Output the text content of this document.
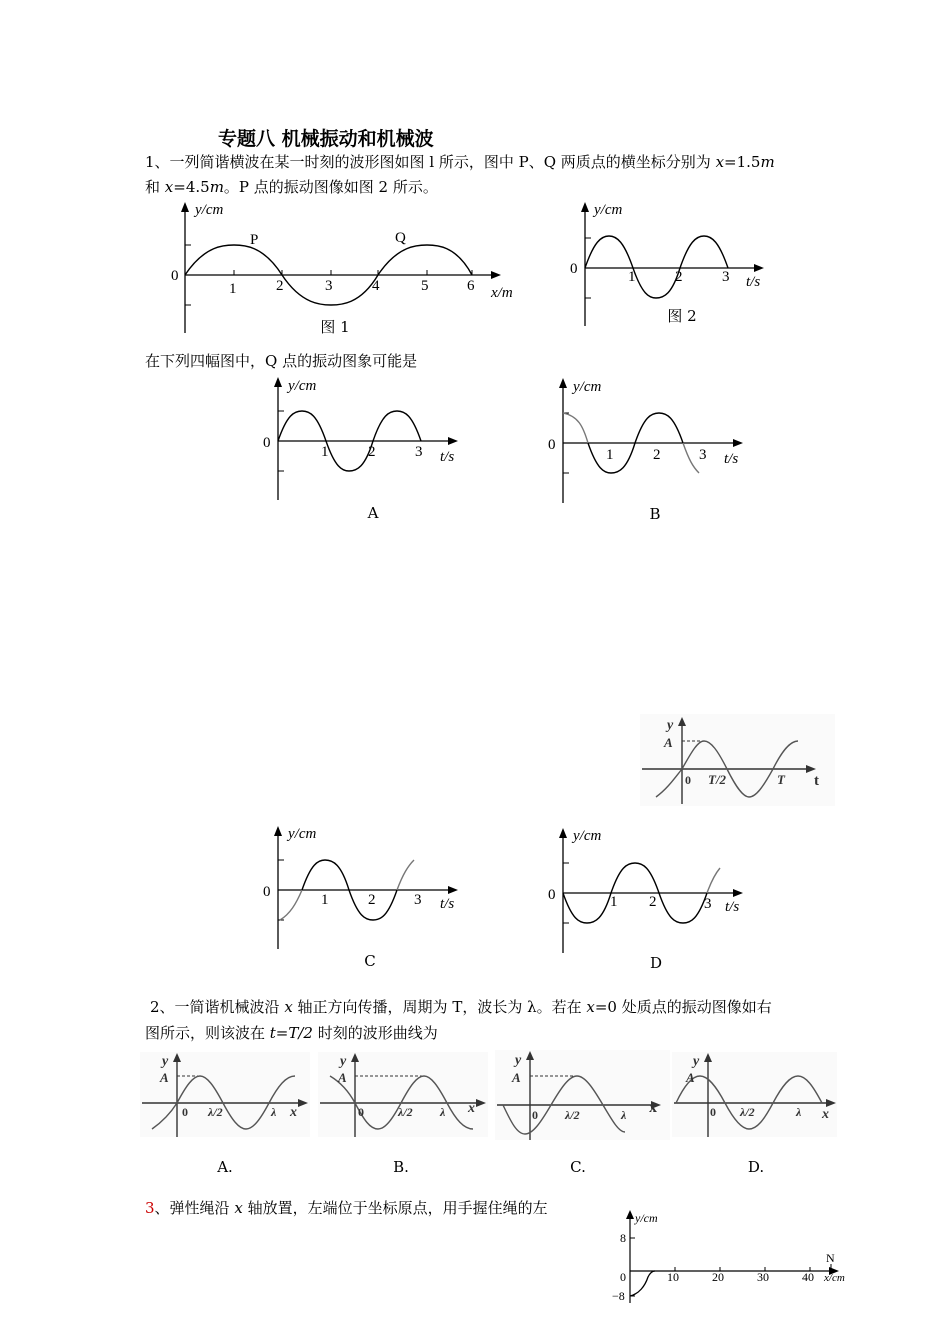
专题八 机械振动和机械波
1、一列简谐横波在某一时刻的波形图如图 l 所示，图中 P、Q 两质点的横坐标分别为 x=1.5m
和 x=4.5m。P 点的振动图像如图 2 所示。
1	2	3	4	5	6
0
y/cm
x/m
P	Q
图 1
1	2	3
0
y/cm
t/s
图 2
在下列四幅图中，Q 点的振动图象可能是
1	2	3
0
y/cm
t/s
A
1	2	3
0
y/cm
t/s
B
y
A
0 T/2	T t
1	2	3
0
y/cm
t/s
C
1 2	3
0
y/cm
t/s
D
2、一简谐机械波沿 x 轴正方向传播，周期为 T，波长为 λ。若在 x=0 处质点的振动图像如右
图所示，则该波在 t=T/2 时刻的波形曲线为
y
A
0 λ/2	λ x
A.
y
A
0	λ/2 λ x
B.
y
A
0 λ/2	λ x
C.
y
A
0 λ/2	λ x
D.
3、弹性绳沿 x 轴放置，左端位于坐标原点，用手握住绳的左
y/cm
8
0
−8
10	20	30	40
N
x/cm
